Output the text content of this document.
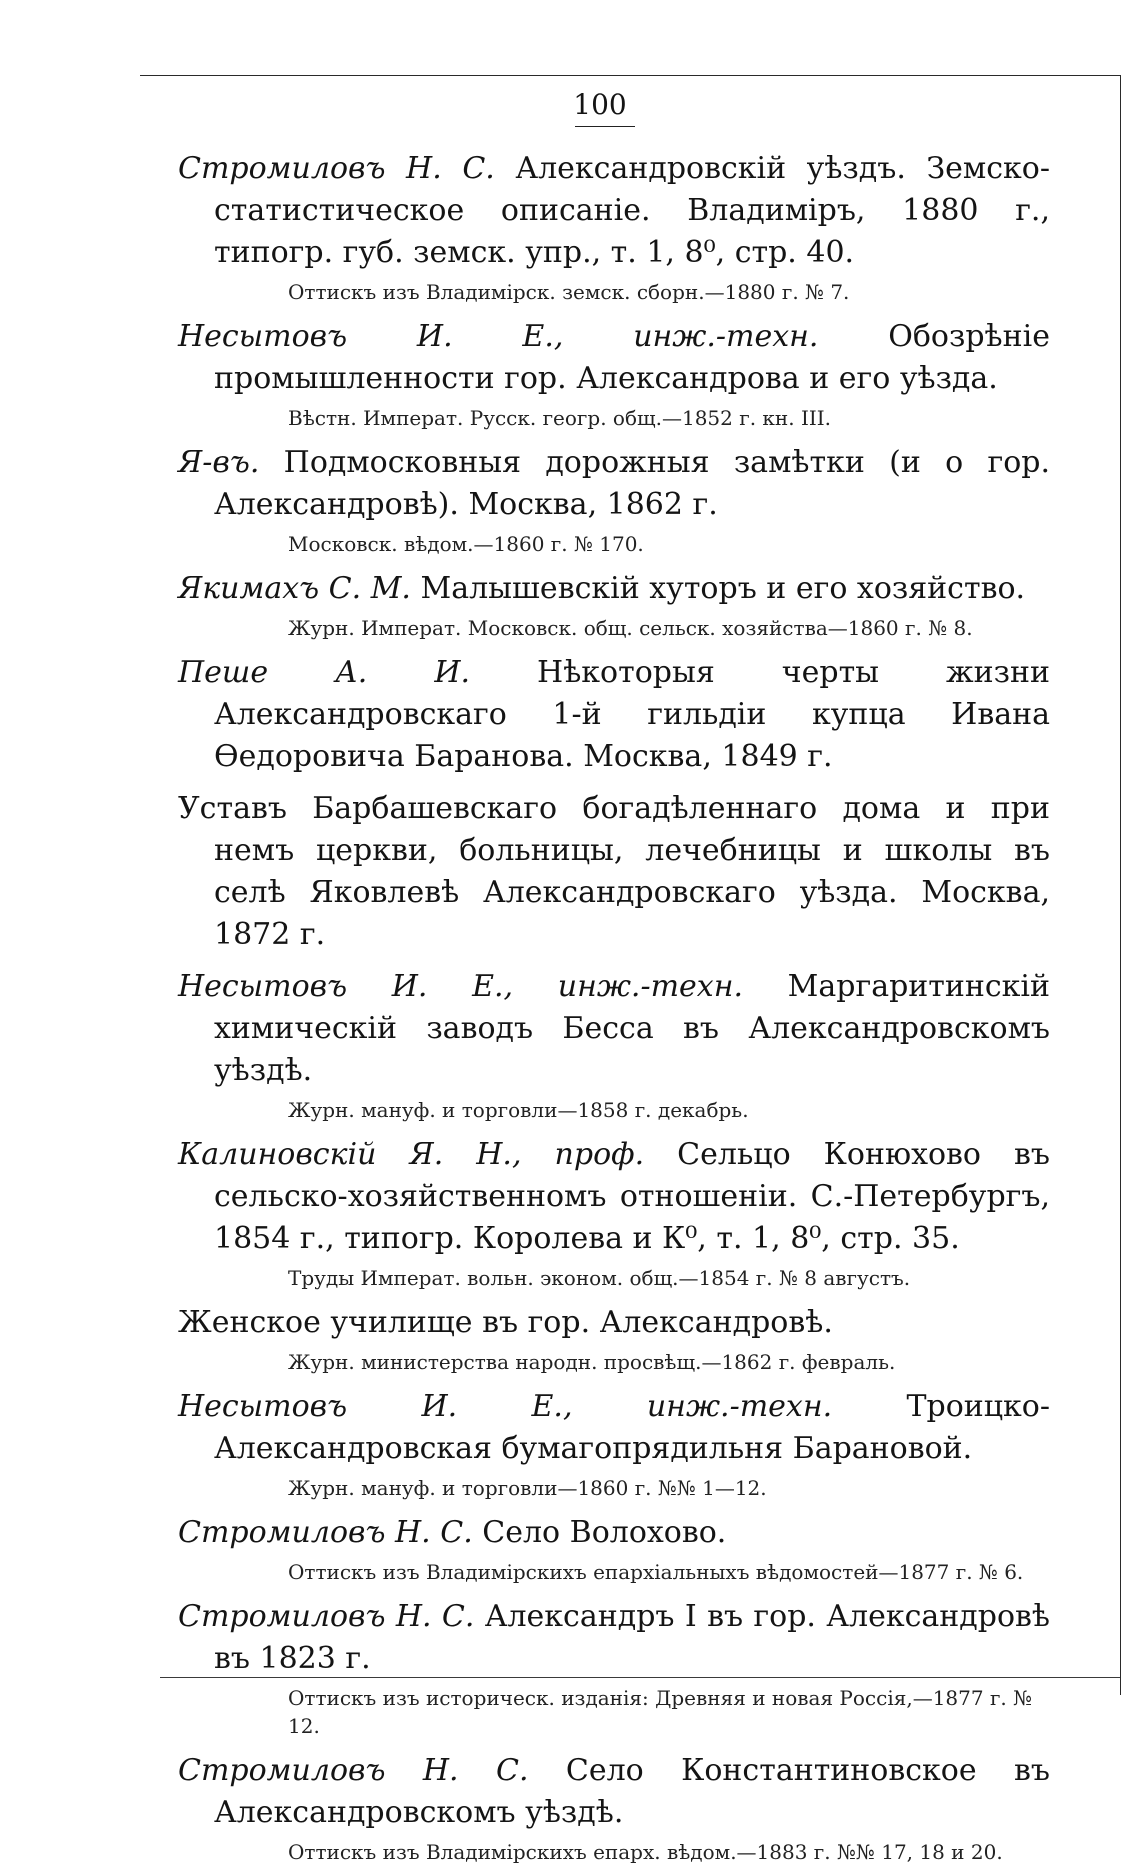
100

Стромиловъ Н. С. Александровскій уѣздъ. Земско-статистическое описаніе. Владиміръ, 1880 г., типогр. губ. земск. упр., т. 1, 8⁰, стр. 40.

Оттискъ изъ Владимірск. земск. сборн.—1880 г. № 7.

Несытовъ И. Е., инж.-техн. Обозрѣніе промышленности гор. Александрова и его уѣзда.

Вѣстн. Императ. Русск. геогр. общ.—1852 г. кн. III.

Я-въ. Подмосковныя дорожныя замѣтки (и о гор. Александровѣ). Москва, 1862 г.

Московск. вѣдом.—1860 г. № 170.

Якимахъ С. М. Малышевскій хуторъ и его хозяйство.

Журн. Императ. Московск. общ. сельск. хозяйства—1860 г. № 8.

Пеше А. И. Нѣкоторыя черты жизни Александровскаго 1-й гильдіи купца Ивана Ѳедоровича Баранова. Москва, 1849 г.

Уставъ Барбашевскаго богадѣленнаго дома и при немъ церкви, больницы, лечебницы и школы въ селѣ Яковлевѣ Александровскаго уѣзда. Москва, 1872 г.

Несытовъ И. Е., инж.-техн. Маргаритинскій химическій заводъ Бесса въ Александровскомъ уѣздѣ.

Журн. мануф. и торговли—1858 г. декабрь.

Калиновскій Я. Н., проф. Сельцо Конюхово въ сельско-хозяйственномъ отношеніи. С.-Петербургъ, 1854 г., типогр. Королева и К⁰, т. 1, 8⁰, стр. 35.

Труды Императ. вольн. эконом. общ.—1854 г. № 8 августъ.

Женское училище въ гор. Александровѣ.

Журн. министерства народн. просвѣщ.—1862 г. февраль.

Несытовъ И. Е., инж.-техн. Троицко-Александровская бумагопрядильня Барановой.

Журн. мануф. и торговли—1860 г. №№ 1—12.

Стромиловъ Н. С. Село Волохово.

Оттискъ изъ Владимірскихъ епархіальныхъ вѣдомостей—1877 г. № 6.

Стромиловъ Н. С. Александръ I въ гор. Александровѣ въ 1823 г.

Оттискъ изъ историческ. изданія: Древняя и новая Россія,—1877 г. № 12.

Стромиловъ Н. С. Село Константиновское въ Александровскомъ уѣздѣ.

Оттискъ изъ Владимірскихъ епарх. вѣдом.—1883 г. №№ 17, 18 и 20.
